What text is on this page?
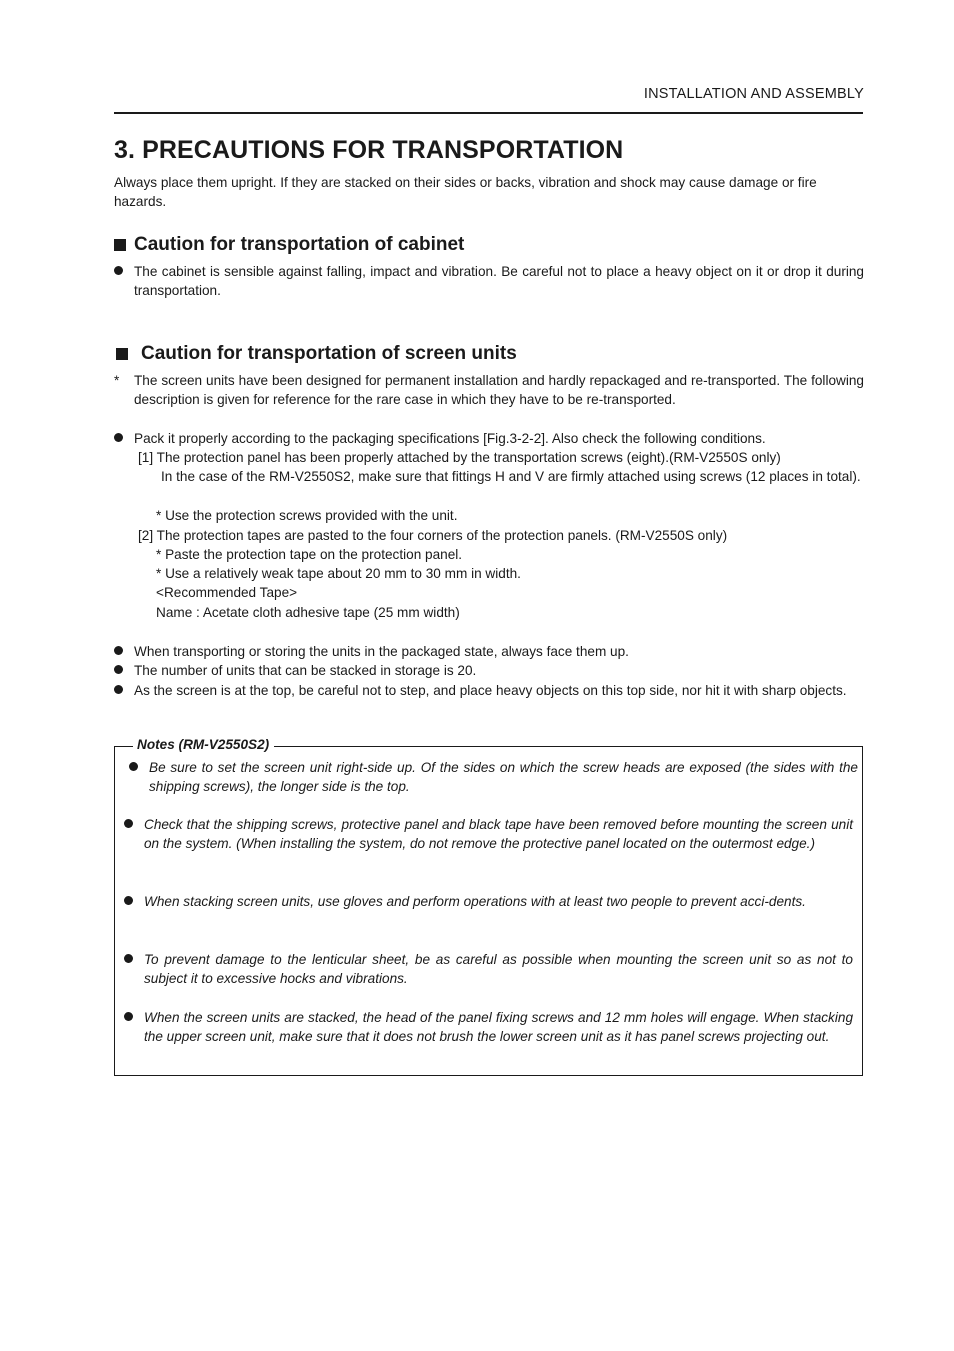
INSTALLATION AND ASSEMBLY
3. PRECAUTIONS FOR TRANSPORTATION

Always place them upright. If they are stacked on their sides or backs, vibration and shock may cause damage or fire hazards.

Caution for transportation of cabinet
The cabinet is sensible against falling, impact and vibration. Be careful not to place a heavy object on it or drop it during transportation.
Caution for transportation of screen units
*	The screen units have been designed for permanent installation and hardly repackaged and re-transported. The following description is given for reference for the rare case in which they have to be re-transported.
Pack it properly according to the packaging specifications [Fig.3-2-2]. Also check the following conditions.
[1] The protection panel has been properly attached by the transportation screws (eight).(RM-V2550S only)
In the case of the RM-V2550S2, make sure that fittings H and V are firmly attached using screws (12 places in total).
* Use the protection screws provided with the unit.
[2] The protection tapes are pasted to the four corners of the protection panels. (RM-V2550S only)
* Paste the protection tape on the protection panel.
* Use a relatively weak tape about 20 mm to 30 mm in width.
<Recommended Tape>
Name : Acetate cloth adhesive tape (25 mm width)
When transporting or storing the units in the packaged state, always face them up.
The number of units that can be stacked in storage is 20.
As the screen is at the top, be careful not to step, and place heavy objects on this top side, nor hit it with sharp objects.
Notes (RM-V2550S2)
Be sure to set the screen unit right-side up. Of the sides on which the screw heads are exposed (the sides with the shipping screws), the longer side is the top.
Check that the shipping screws, protective panel and black tape have been removed before mounting the screen unit on the system. (When installing the system, do not remove the protective panel located on the outermost edge.)
When stacking screen units, use gloves and perform operations with at least two people to prevent acci-dents.
To prevent damage to the lenticular sheet, be as careful as possible when mounting the screen unit so as not to subject it to excessive hocks and vibrations.
When the screen units are stacked, the head of the panel fixing screws and 12 mm holes will engage. When stacking the upper screen unit, make sure that it does not brush the lower screen unit as it has panel screws projecting out.
